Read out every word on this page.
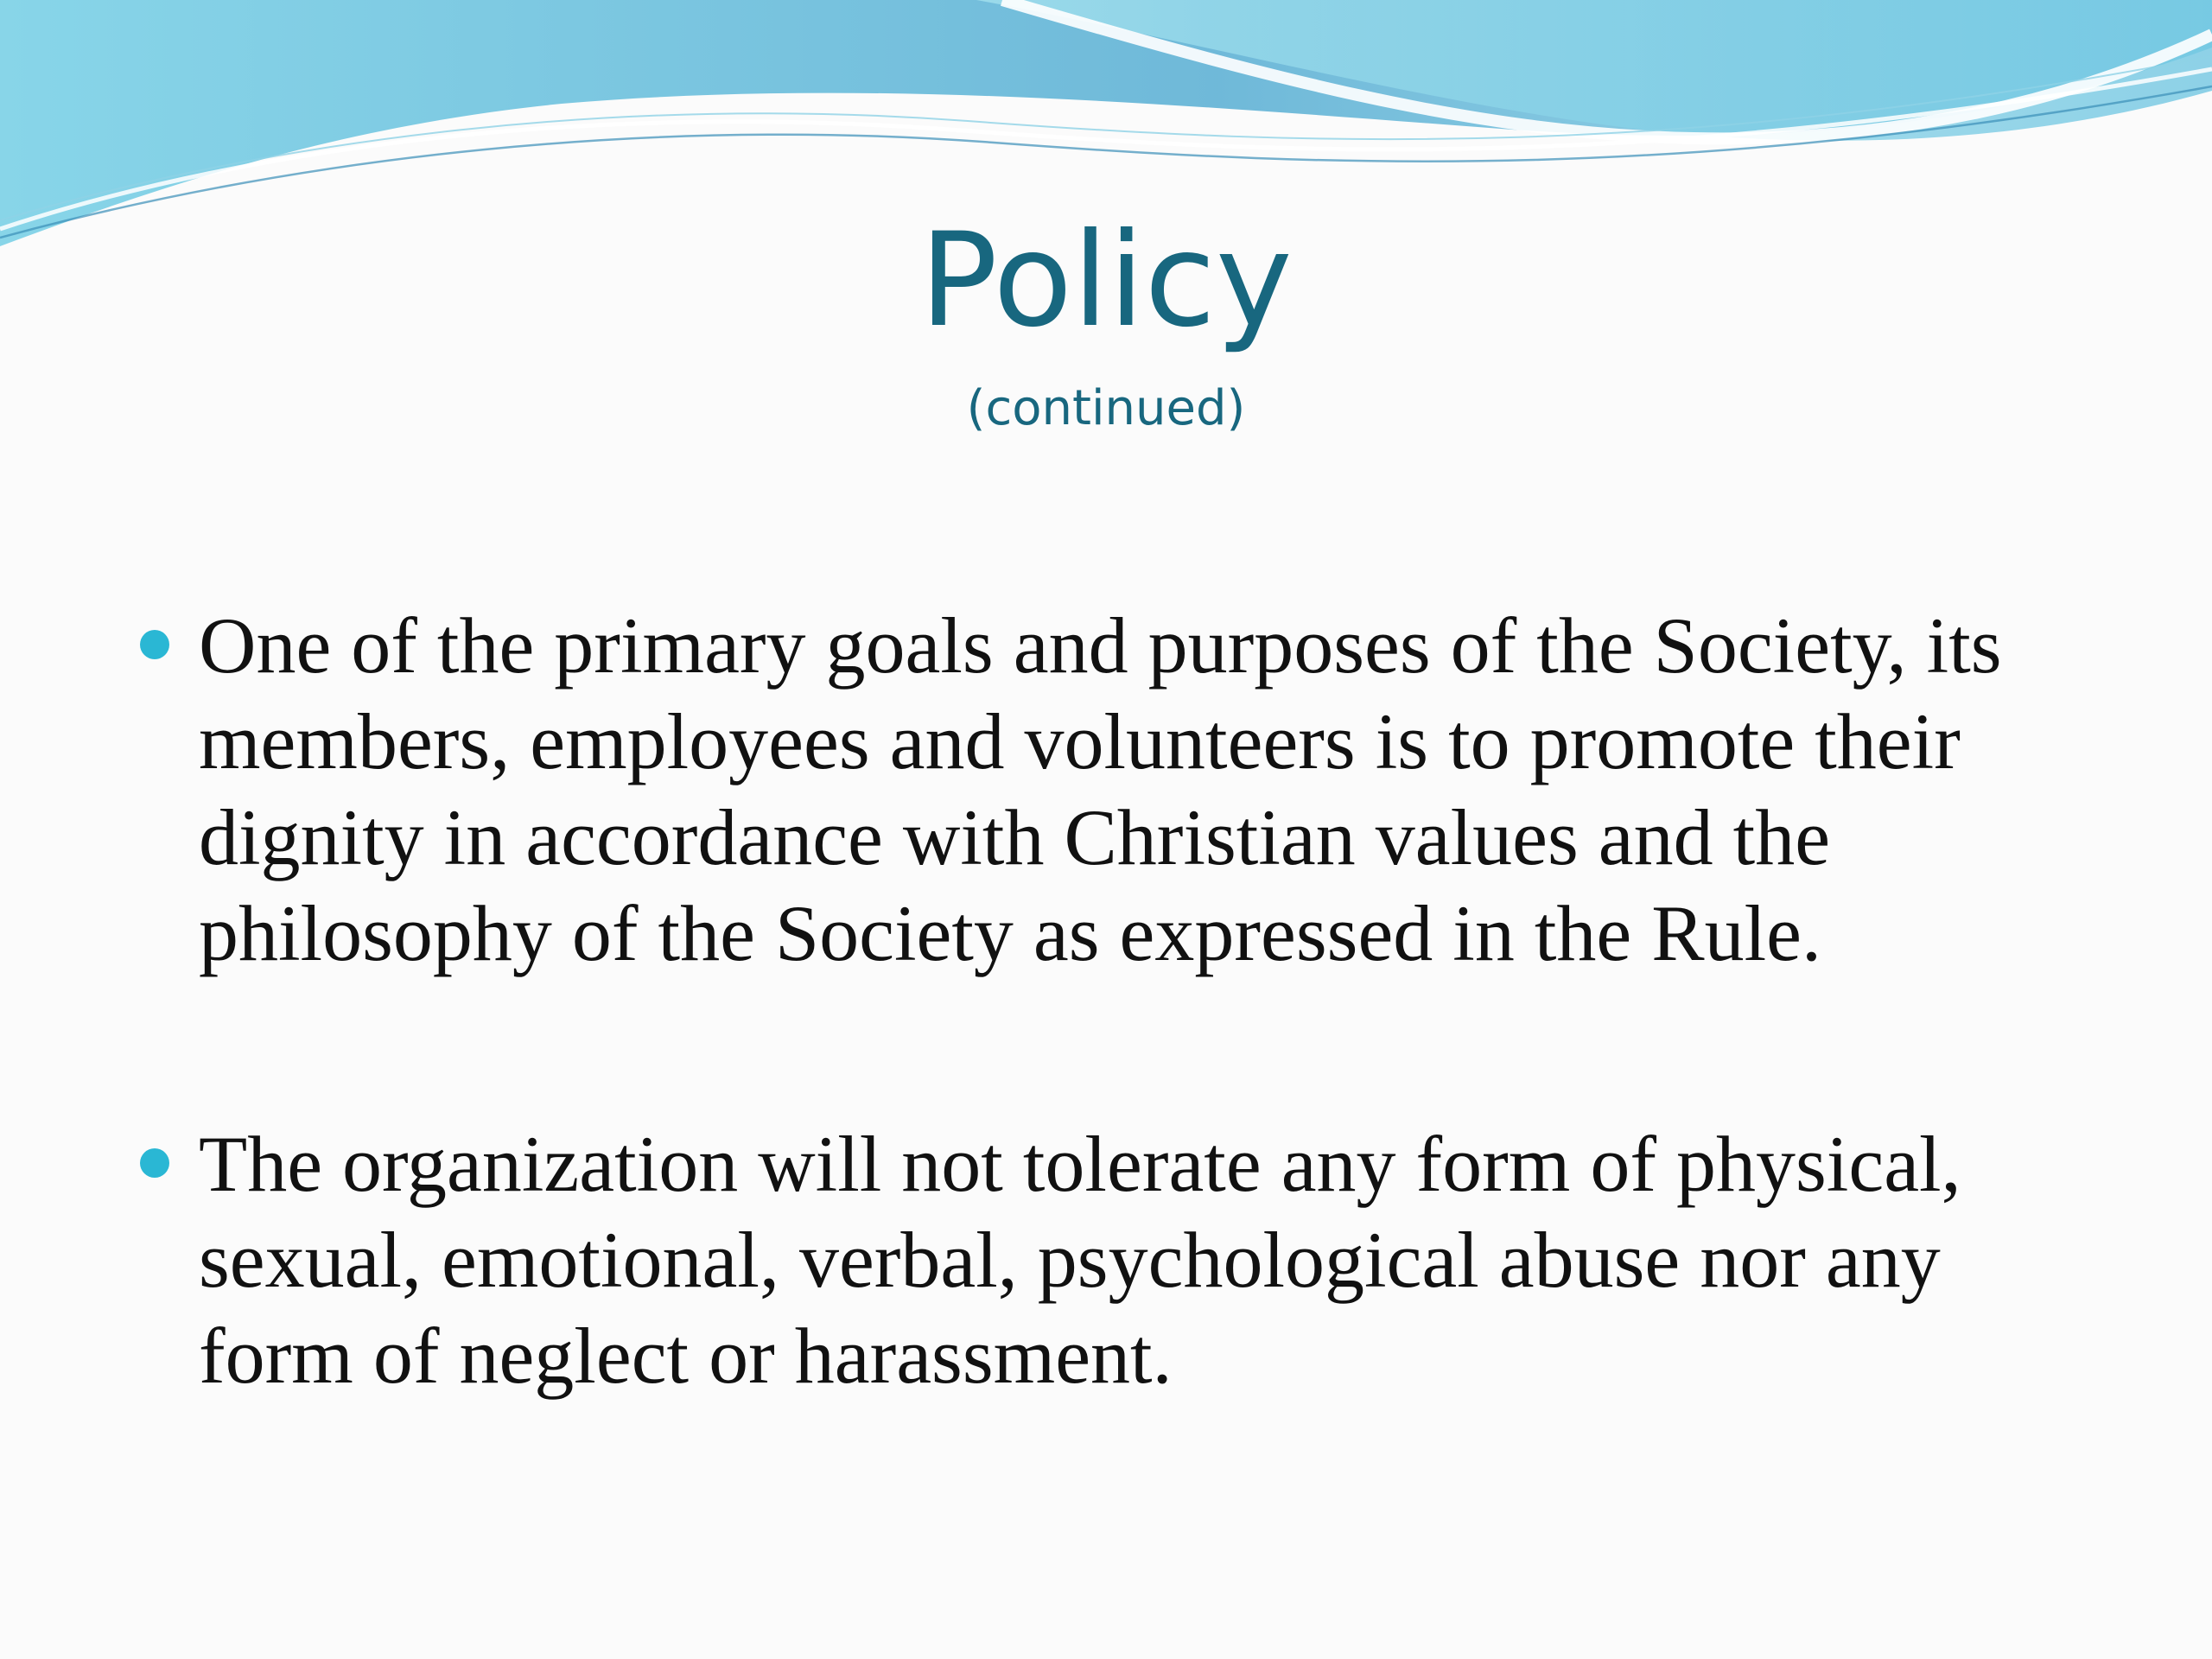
Policy
(continued)
One of the primary goals and purposes of the Society, its members, employees and volunteers is to promote their dignity in accordance with Christian values and the philosophy of the Society as expressed in the Rule.
The organization will not tolerate any form of physical, sexual, emotional, verbal, psychological abuse nor any form of neglect or harassment.
